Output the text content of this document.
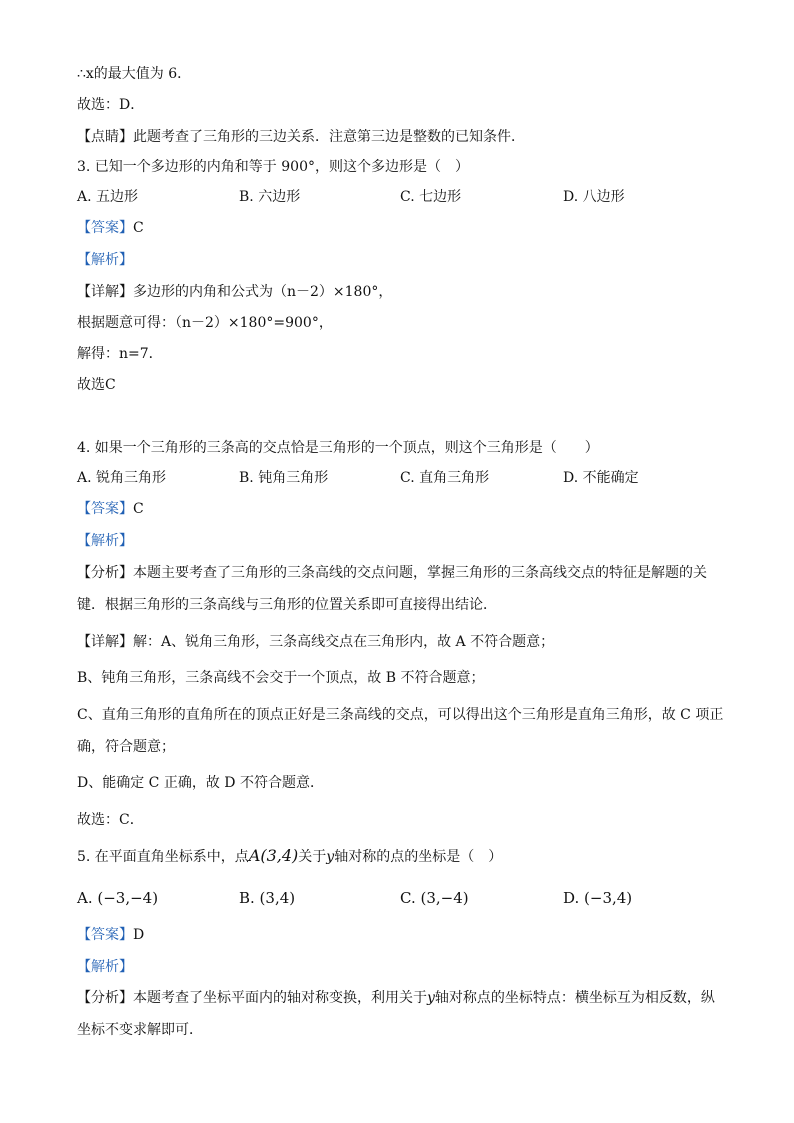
∴x的最大值为 6．
故选：D．
【点睛】此题考查了三角形的三边关系．注意第三边是整数的已知条件．
3. 已知一个多边形的内角和等于 900°，则这个多边形是（　）
A. 五边形	B. 六边形	C. 七边形	D. 八边形
【答案】C
【解析】
【详解】多边形的内角和公式为（n－2）×180°，
根据题意可得：（n－2）×180°=900°，
解得：n=7．
故选C
4. 如果一个三角形的三条高的交点恰是三角形的一个顶点，则这个三角形是（　　）
A. 锐角三角形	B. 钝角三角形	C. 直角三角形	D. 不能确定
【答案】C
【解析】
【分析】本题主要考查了三角形的三条高线的交点问题，掌握三角形的三条高线交点的特征是解题的关
键．根据三角形的三条高线与三角形的位置关系即可直接得出结论．
【详解】解：A、锐角三角形，三条高线交点在三角形内，故 A 不符合题意；
B、钝角三角形，三条高线不会交于一个顶点，故 B 不符合题意；
C、直角三角形的直角所在的顶点正好是三条高线的交点，可以得出这个三角形是直角三角形，故 C 项正
确，符合题意；
D、能确定 C 正确，故 D 不符合题意．
故选：C．
5. 在平面直角坐标系中，点A(3,4)关于y轴对称的点的坐标是（　）
A. (−3,−4)	B. (3,4)	C. (3,−4)	D. (−3,4)
【答案】D
【解析】
【分析】本题考查了坐标平面内的轴对称变换，利用关于y轴对称点的坐标特点：横坐标互为相反数，纵
坐标不变求解即可．
